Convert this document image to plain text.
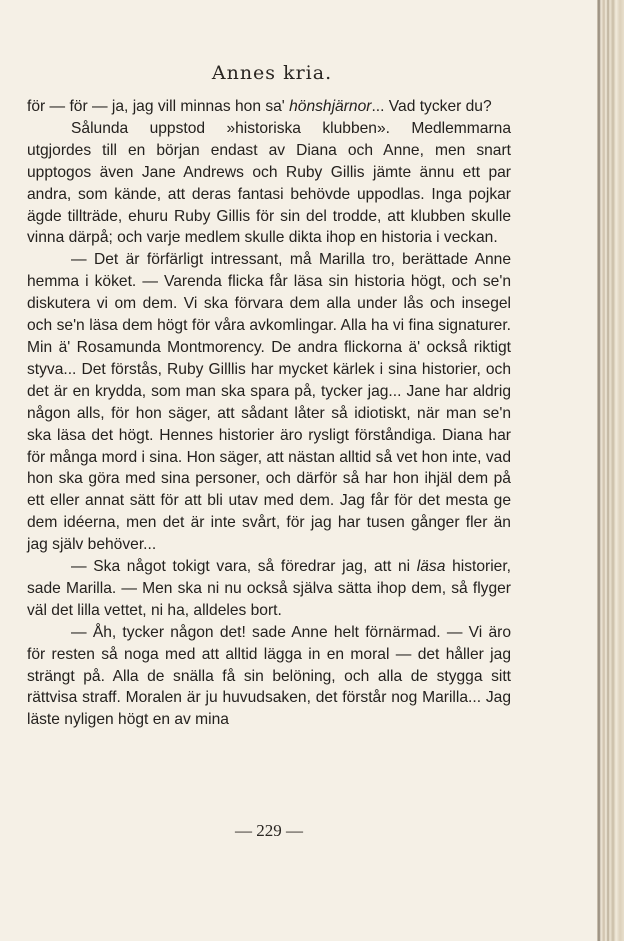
Annes kria.

för — för — ja, jag vill minnas hon sa' hönshjärnor... Vad tycker du?

Sålunda uppstod »historiska klubben». Medlemmarna utgjordes till en början endast av Diana och Anne, men snart upptogos även Jane Andrews och Ruby Gillis jämte ännu ett par andra, som kände, att deras fantasi behövde uppodlas. Inga pojkar ägde tillträde, ehuru Ruby Gillis för sin del trodde, att klubben skulle vinna därpå; och varje medlem skulle dikta ihop en historia i veckan.

— Det är förfärligt intressant, må Marilla tro, berättade Anne hemma i köket. — Varenda flicka får läsa sin historia högt, och se'n diskutera vi om dem. Vi ska förvara dem alla under lås och insegel och se'n läsa dem högt för våra avkomlingar. Alla ha vi fina signaturer. Min ä' Rosamunda Montmorency. De andra flickorna ä' också riktigt styva... Det förstås, Ruby Gilllis har mycket kärlek i sina historier, och det är en krydda, som man ska spara på, tycker jag... Jane har aldrig någon alls, för hon säger, att sådant låter så idiotiskt, när man se'n ska läsa det högt. Hennes historier äro rysligt förståndiga. Diana har för många mord i sina. Hon säger, att nästan alltid så vet hon inte, vad hon ska göra med sina personer, och därför så har hon ihjäl dem på ett eller annat sätt för att bli utav med dem. Jag får för det mesta ge dem idéerna, men det är inte svårt, för jag har tusen gånger fler än jag själv behöver...

— Ska något tokigt vara, så föredrar jag, att ni läsa historier, sade Marilla. — Men ska ni nu också själva sätta ihop dem, så flyger väl det lilla vettet, ni ha, alldeles bort.

— Åh, tycker någon det! sade Anne helt förnärmad. — Vi äro för resten så noga med att alltid lägga in en moral — det håller jag strängt på. Alla de snälla få sin belöning, och alla de stygga sitt rättvisa straff. Moralen är ju huvudsaken, det förstår nog Marilla... Jag läste nyligen högt en av mina

— 229 —
